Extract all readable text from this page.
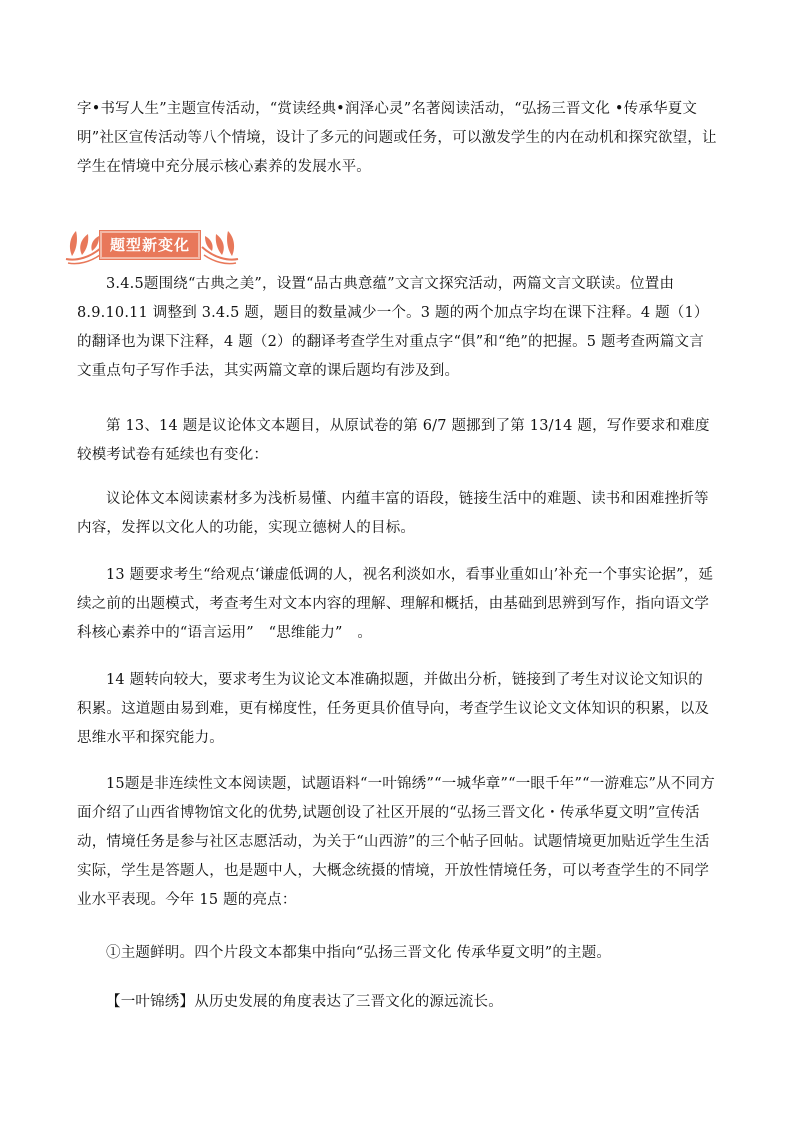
字•书写人生”主题宣传活动，“赏读经典•润泽心灵”名著阅读活动，“弘扬三晋文化 •传承华夏文明”社区宣传活动等八个情境，设计了多元的问题或任务，可以激发学生的内在动机和探究欲望，让学生在情境中充分展示核心素养的发展水平。

题型新变化

3.4.5题围绕“古典之美”，设置“品古典意蕴”文言文探究活动，两篇文言文联读。位置由 8.9.10.11 调整到 3.4.5 题，题目的数量减少一个。3 题的两个加点字均在课下注释。4 题（1）的翻译也为课下注释，4 题（2）的翻译考查学生对重点字“俱”和“绝”的把握。5 题考查两篇文言文重点句子写作手法，其实两篇文章的课后题均有涉及到。

第 13、14 题是议论体文本题目，从原试卷的第 6/7 题挪到了第 13/14 题，写作要求和难度较模考试卷有延续也有变化：

议论体文本阅读素材多为浅析易懂、内蕴丰富的语段，链接生活中的难题、读书和困难挫折等内容，发挥以文化人的功能，实现立德树人的目标。

13 题要求考生“给观点‘谦虚低调的人，视名利淡如水，看事业重如山’补充一个事实论据”，延续之前的出题模式，考查考生对文本内容的理解、理解和概括，由基础到思辨到写作，指向语文学科核心素养中的“语言运用”　“思维能力”　。

14 题转向较大，要求考生为议论文本准确拟题，并做出分析，链接到了考生对议论文知识的积累。这道题由易到难，更有梯度性，任务更具价值导向，考查学生议论文文体知识的积累，以及思维水平和探究能力。

15题是非连续性文本阅读题，试题语料“一叶锦绣”“一城华章”“一眼千年”“一游难忘”从不同方面介绍了山西省博物馆文化的优势,试题创设了社区开展的“弘扬三晋文化・传承华夏文明”宣传活动，情境任务是参与社区志愿活动，为关于“山西游”的三个帖子回帖。试题情境更加贴近学生生活实际，学生是答题人，也是题中人，大概念统摄的情境，开放性情境任务，可以考查学生的不同学业水平表现。今年 15 题的亮点：

①主题鲜明。四个片段文本都集中指向“弘扬三晋文化 传承华夏文明”的主题。

【一叶锦绣】从历史发展的角度表达了三晋文化的源远流长。
